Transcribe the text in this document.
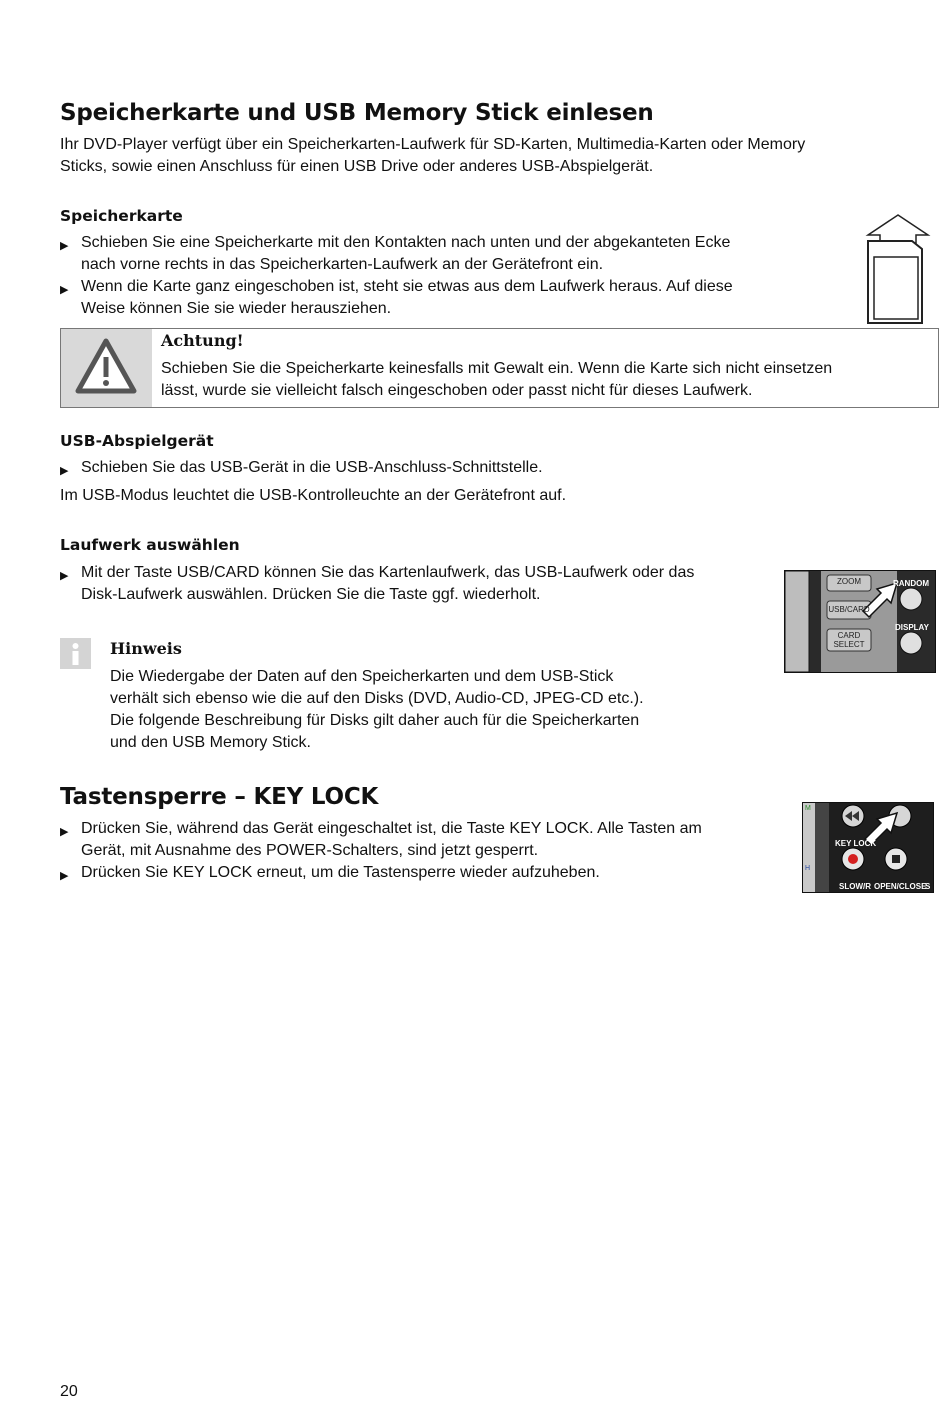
Speicherkarte und USB Memory Stick einlesen
Ihr DVD-Player verfügt über ein Speicherkarten-Laufwerk für SD-Karten, Multimedia-Karten oder Memory
Sticks, sowie einen Anschluss für einen USB Drive oder anderes USB-Abspielgerät.
Speicherkarte
▶ Schieben Sie eine Speicherkarte mit den Kontakten nach unten und der abgekanteten Ecke
nach vorne rechts in das Speicherkarten-Laufwerk an der Gerätefront ein.
▶ Wenn die Karte ganz eingeschoben ist, steht sie etwas aus dem Laufwerk heraus. Auf diese
Weise können Sie sie wieder herausziehen.
Achtung!
Schieben Sie die Speicherkarte keinesfalls mit Gewalt ein. Wenn die Karte sich nicht einsetzen
lässt, wurde sie vielleicht falsch eingeschoben oder passt nicht für dieses Laufwerk.
USB-Abspielgerät
▶ Schieben Sie das USB-Gerät in die USB-Anschluss-Schnittstelle.
Im USB-Modus leuchtet die USB-Kontrolleuchte an der Gerätefront auf.
Laufwerk auswählen
▶ Mit der Taste USB/CARD können Sie das Kartenlaufwerk, das USB-Laufwerk oder das
Disk-Laufwerk auswählen. Drücken Sie die Taste ggf. wiederholt.
ZOOM	RANDOM
USB/CARD
DISPLAY
CARD
SELECT
Hinweis
Die Wiedergabe der Daten auf den Speicherkarten und dem USB-Stick
verhält sich ebenso wie die auf den Disks (DVD, Audio-CD, JPEG-CD etc.).
Die folgende Beschreibung für Disks gilt daher auch für die Speicherkarten
und den USB Memory Stick.
Tastensperre – KEY LOCK
▶ Drücken Sie, während das Gerät eingeschaltet ist, die Taste KEY LOCK. Alle Tasten am
Gerät, mit Ausnahme des POWER-Schalters, sind jetzt gesperrt.
▶ Drücken Sie KEY LOCK erneut, um die Tastensperre wieder aufzuheben.
M
H
KEY LOCK
SLOW/R OPEN/CLOSE
S
20
